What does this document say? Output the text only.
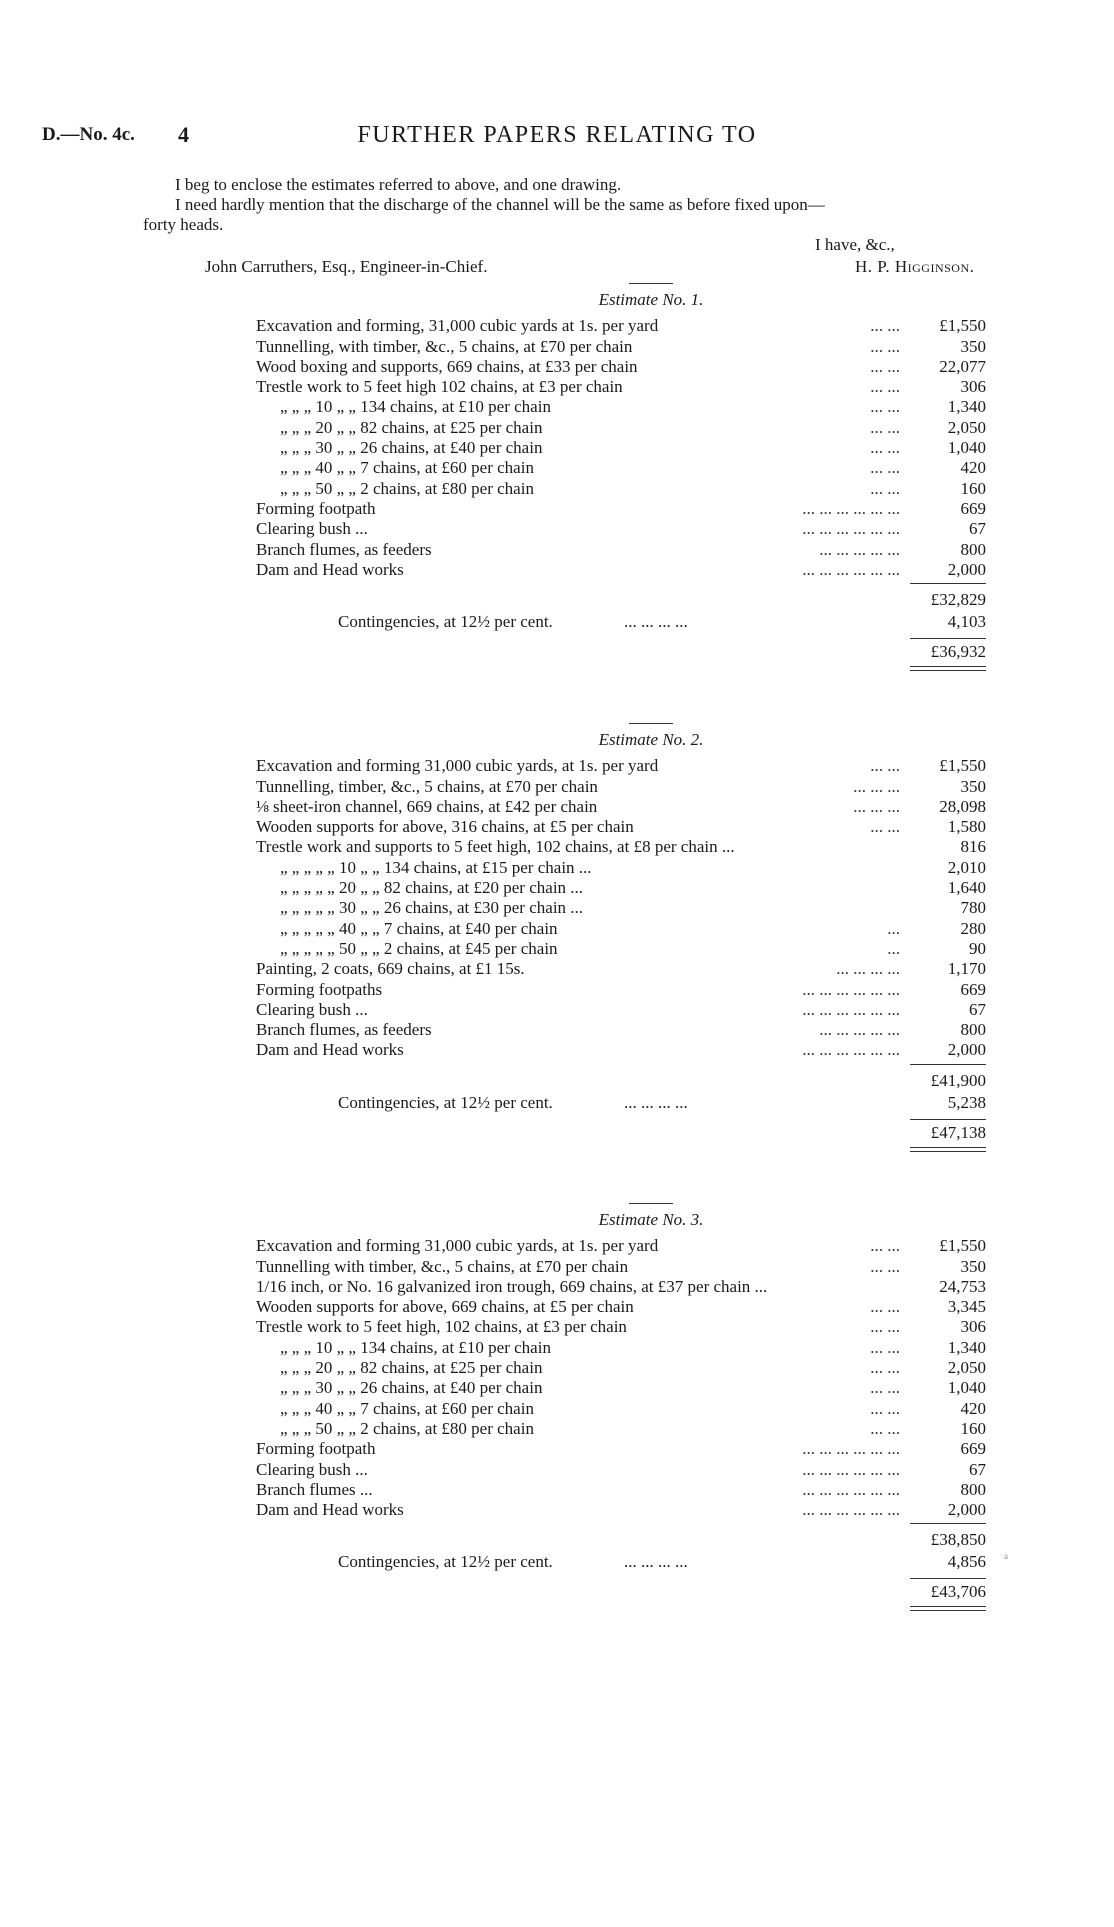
D.—No. 4c. 4	FURTHER PAPERS RELATING TO

I beg to enclose the estimates referred to above, and one drawing.

I need hardly mention that the discharge of the channel will be the same as before fixed upon—

forty heads.

I have, &c.,
John Carruthers, Esq., Engineer-in-Chief.	H. P. Higginson.
Estimate No. 1.
Excavation and forming, 31,000 cubic yards at 1s. per yard	... ... £1,550
Tunnelling, with timber, &c., 5 chains, at £70 per chain	... ...	350
Wood boxing and supports, 669 chains, at £33 per chain	... ... 22,077
Trestle work to 5 feet high 102 chains, at £3 per chain	... ...	306
„ „ „ 10 „ „ 134 chains, at £10 per chain	... ...	1,340
„ „ „ 20 „ „ 82 chains, at £25 per chain	... ...	2,050
„ „ „ 30 „ „ 26 chains, at £40 per chain	... ...	1,040
„ „ „ 40 „ „ 7 chains, at £60 per chain	... ...	420
„ „ „ 50 „ „ 2 chains, at £80 per chain	... ...	160
Forming footpath	... ... ... ... ... ...	669
Clearing bush ...	... ... ... ... ... ...	67
Branch flumes, as feeders	... ... ... ... ...	800
Dam and Head works	... ... ... ... ... ...	2,000
£32,829
Contingencies, at 12½ per cent.	... ... ... ...	4,103
£36,932
Estimate No. 2.
Excavation and forming 31,000 cubic yards, at 1s. per yard	... ... £1,550
Tunnelling, timber, &c., 5 chains, at £70 per chain	... ... ...	350
⅛ sheet-iron channel, 669 chains, at £42 per chain	... ... ... 28,098
Wooden supports for above, 316 chains, at £5 per chain	... ...	1,580
Trestle work and supports to 5 feet high, 102 chains, at £8 per chain ...	816
„ „ „ „ „ 10 „ „ 134 chains, at £15 per chain ...	2,010
„ „ „ „ „ 20 „ „ 82 chains, at £20 per chain ...	1,640
„ „ „ „ „ 30 „ „ 26 chains, at £30 per chain ...	780
„ „ „ „ „ 40 „ „ 7 chains, at £40 per chain	...	280
„ „ „ „ „ 50 „ „ 2 chains, at £45 per chain	...	90
Painting, 2 coats, 669 chains, at £1 15s.	... ... ... ...	1,170
Forming footpaths	... ... ... ... ... ...	669
Clearing bush ...	... ... ... ... ... ...	67
Branch flumes, as feeders	... ... ... ... ...	800
Dam and Head works	... ... ... ... ... ...	2,000
£41,900
Contingencies, at 12½ per cent.	... ... ... ...	5,238
£47,138
Estimate No. 3.
Excavation and forming 31,000 cubic yards, at 1s. per yard	... ... £1,550
Tunnelling with timber, &c., 5 chains, at £70 per chain	... ...	350
1/16 inch, or No. 16 galvanized iron trough, 669 chains, at £37 per chain ...	24,753
Wooden supports for above, 669 chains, at £5 per chain	... ...	3,345
Trestle work to 5 feet high, 102 chains, at £3 per chain	... ...	306
„ „ „ 10 „ „ 134 chains, at £10 per chain	... ...	1,340
„ „ „ 20 „ „ 82 chains, at £25 per chain	... ...	2,050
„ „ „ 30 „ „ 26 chains, at £40 per chain	... ...	1,040
„ „ „ 40 „ „ 7 chains, at £60 per chain	... ...	420
„ „ „ 50 „ „ 2 chains, at £80 per chain	... ...	160
Forming footpath	... ... ... ... ... ...	669
Clearing bush ...	... ... ... ... ... ...	67
Branch flumes ...	... ... ... ... ... ...	800
Dam and Head works	... ... ... ... ... ...	2,000
£38,850
Contingencies, at 12½ per cent.	... ... ... ...	4,856
£43,706
a
